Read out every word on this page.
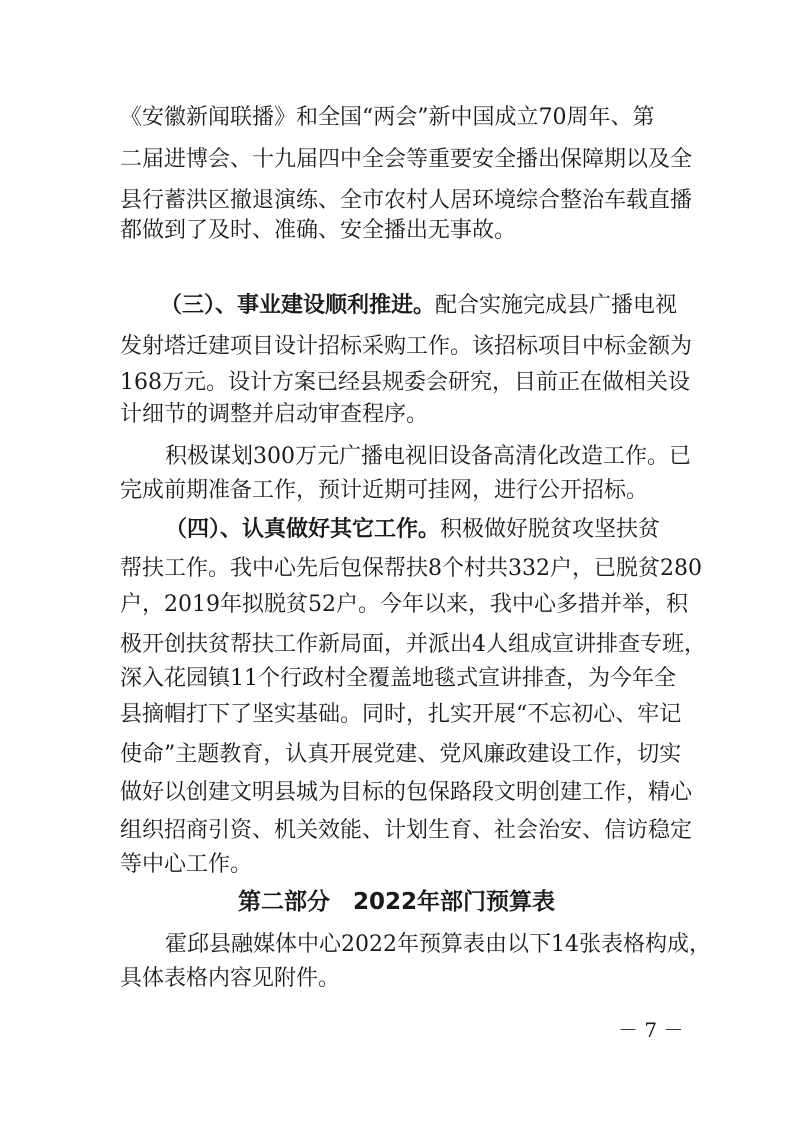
《安徽新闻联播》和全国“两会”新中国成立70周年、第
二届进博会、十九届四中全会等重要安全播出保障期以及全
县行蓄洪区撤退演练、全市农村人居环境综合整治车载直播
都做到了及时、准确、安全播出无事故。
（三）、事业建设顺利推进。配合实施完成县广播电视
发射塔迁建项目设计招标采购工作。该招标项目中标金额为
168万元。设计方案已经县规委会研究，目前正在做相关设
计细节的调整并启动审查程序。
积极谋划300万元广播电视旧设备高清化改造工作。已
完成前期准备工作，预计近期可挂网，进行公开招标。
（四）、认真做好其它工作。积极做好脱贫攻坚扶贫
帮扶工作。我中心先后包保帮扶8个村共332户，已脱贫280
户，2019年拟脱贫52户。今年以来，我中心多措并举，积
极开创扶贫帮扶工作新局面，并派出4人组成宣讲排查专班，
深入花园镇11个行政村全覆盖地毯式宣讲排查，为今年全
县摘帽打下了坚实基础。同时，扎实开展“不忘初心、牢记
使命”主题教育，认真开展党建、党风廉政建设工作，切实
做好以创建文明县城为目标的包保路段文明创建工作，精心
组织招商引资、机关效能、计划生育、社会治安、信访稳定
等中心工作。
第二部分　2022年部门预算表
霍邱县融媒体中心2022年预算表由以下14张表格构成，
具体表格内容见附件。
－ 7 －
